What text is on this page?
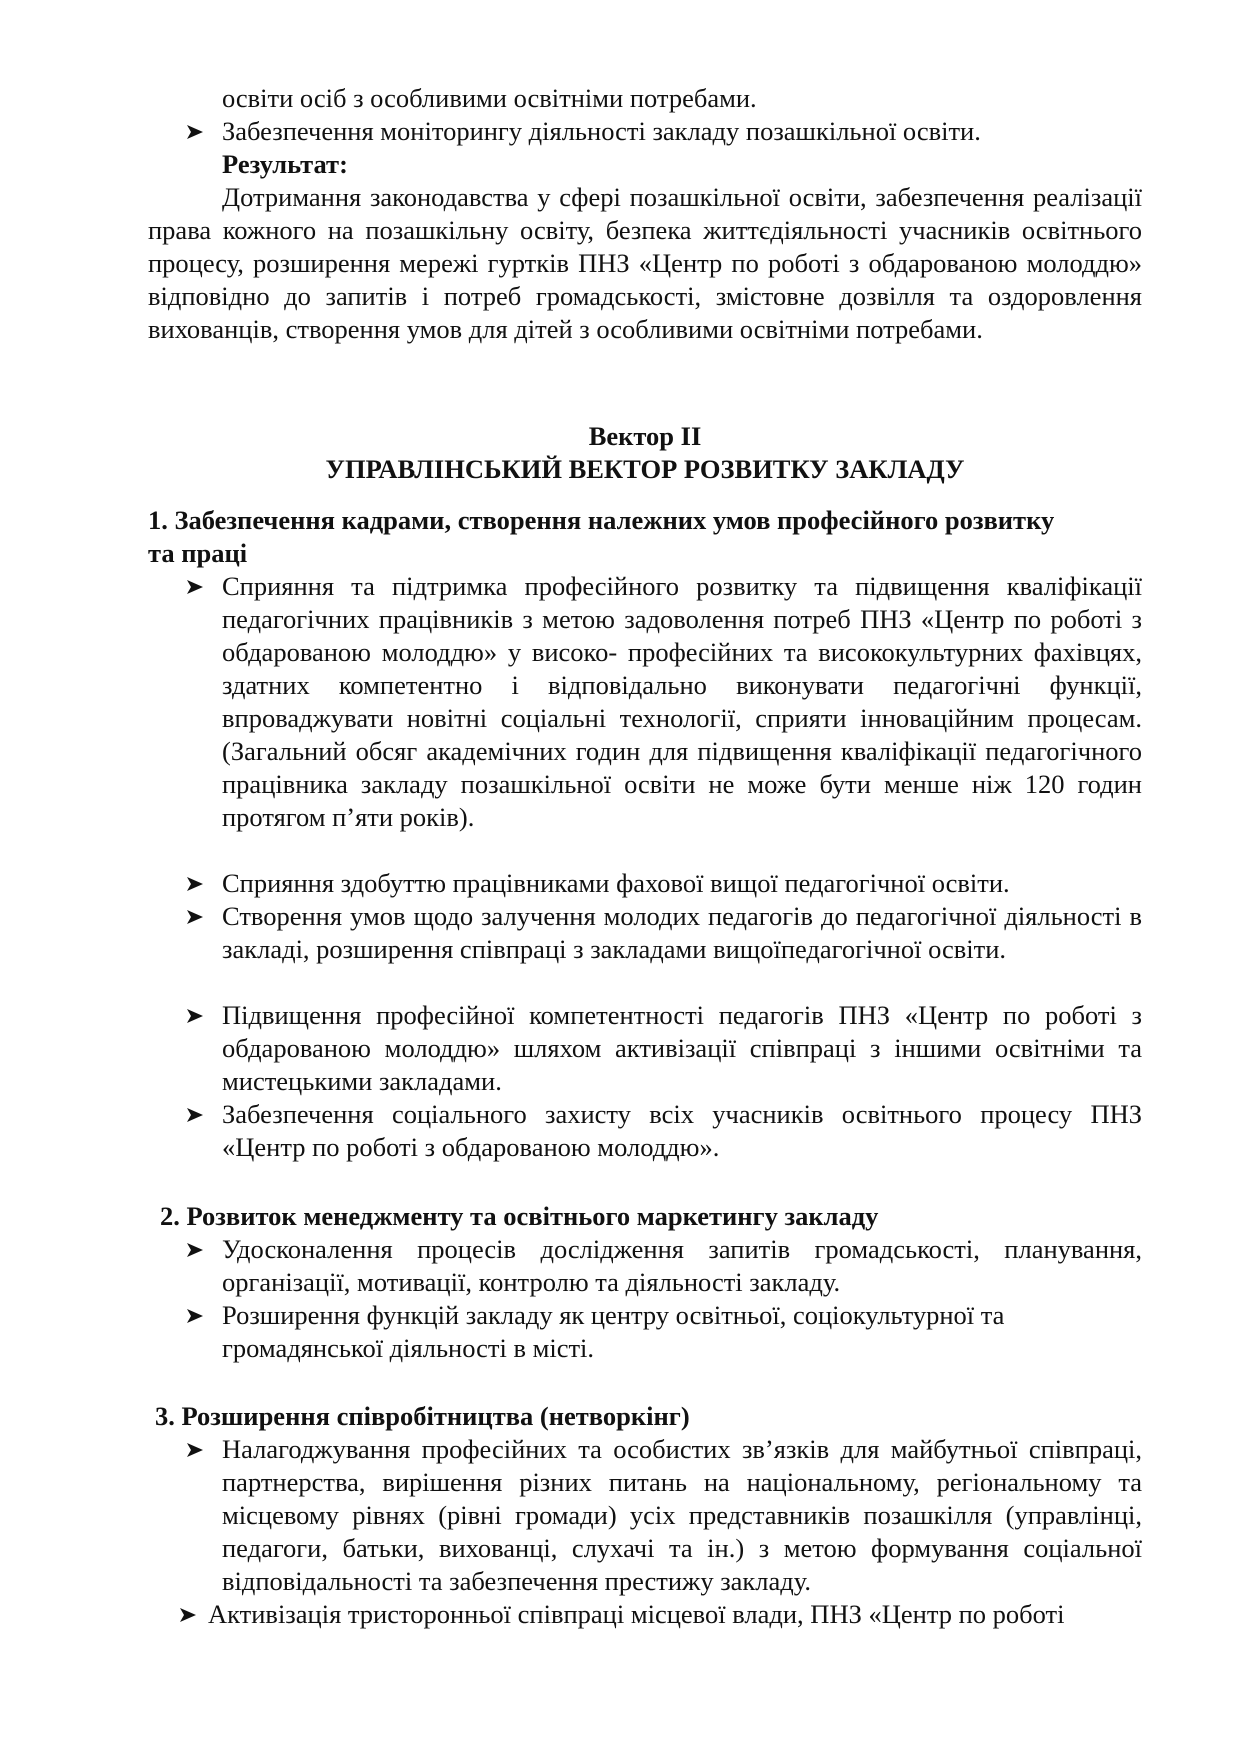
освіти осіб з особливими освітніми потребами.
Забезпечення моніторингу діяльності закладу позашкільної освіти.
Результат:
Дотримання законодавства у сфері позашкільної освіти, забезпечення реалізації права кожного на позашкільну освіту, безпека життєдіяльності учасників освітнього процесу, розширення мережі гуртків ПНЗ «Центр по роботі з обдарованою молоддю» відповідно до запитів і потреб громадськості, змістовне дозвілля та оздоровлення вихованців, створення умов для дітей з особливими освітніми потребами.
Вектор ІІ
УПРАВЛІНСЬКИЙ ВЕКТОР РОЗВИТКУ ЗАКЛАДУ
1. Забезпечення кадрами, створення належних умов професійного розвитку
та праці
Сприяння та підтримка професійного розвитку та підвищення кваліфікації педагогічних працівників з метою задоволення потреб ПНЗ «Центр по роботі з обдарованою молоддю» у високо- професійних та висококультурних фахівцях, здатних компетентно і відповідально виконувати педагогічні функції, впроваджувати новітні соціальні технології, сприяти інноваційним процесам. (Загальний обсяг академічних годин для підвищення кваліфікації педагогічного працівника закладу позашкільної освіти не може бути менше ніж 120 годин протягом п’яти років).
Сприяння здобуттю працівниками фахової вищої педагогічної освіти.
Створення умов щодо залучення молодих педагогів до педагогічної діяльності в закладі, розширення співпраці з закладами вищоїпедагогічної освіти.
Підвищення професійної компетентності педагогів ПНЗ «Центр по роботі з обдарованою молоддю» шляхом активізації співпраці з іншими освітніми та мистецькими закладами.
Забезпечення соціального захисту всіх учасників освітнього процесу ПНЗ «Центр по роботі з обдарованою молоддю».
2. Розвиток менеджменту та освітнього маркетингу закладу
Удосконалення процесів дослідження запитів громадськості, планування, організації, мотивації, контролю та діяльності закладу.
Розширення функцій закладу як центру освітньої, соціокультурної та громадянської діяльності в місті.
3. Розширення співробітництва (нетворкінг)
Налагоджування професійних та особистих зв’язків для майбутньої співпраці, партнерства, вирішення різних питань на національному, регіональному та місцевому рівнях (рівні громади) усіх представників позашкілля (управлінці, педагоги, батьки, вихованці, слухачі та ін.) з метою формування соціальної відповідальності та забезпечення престижу закладу.
Активізація тристоронньої співпраці місцевої влади, ПНЗ «Центр по роботі
